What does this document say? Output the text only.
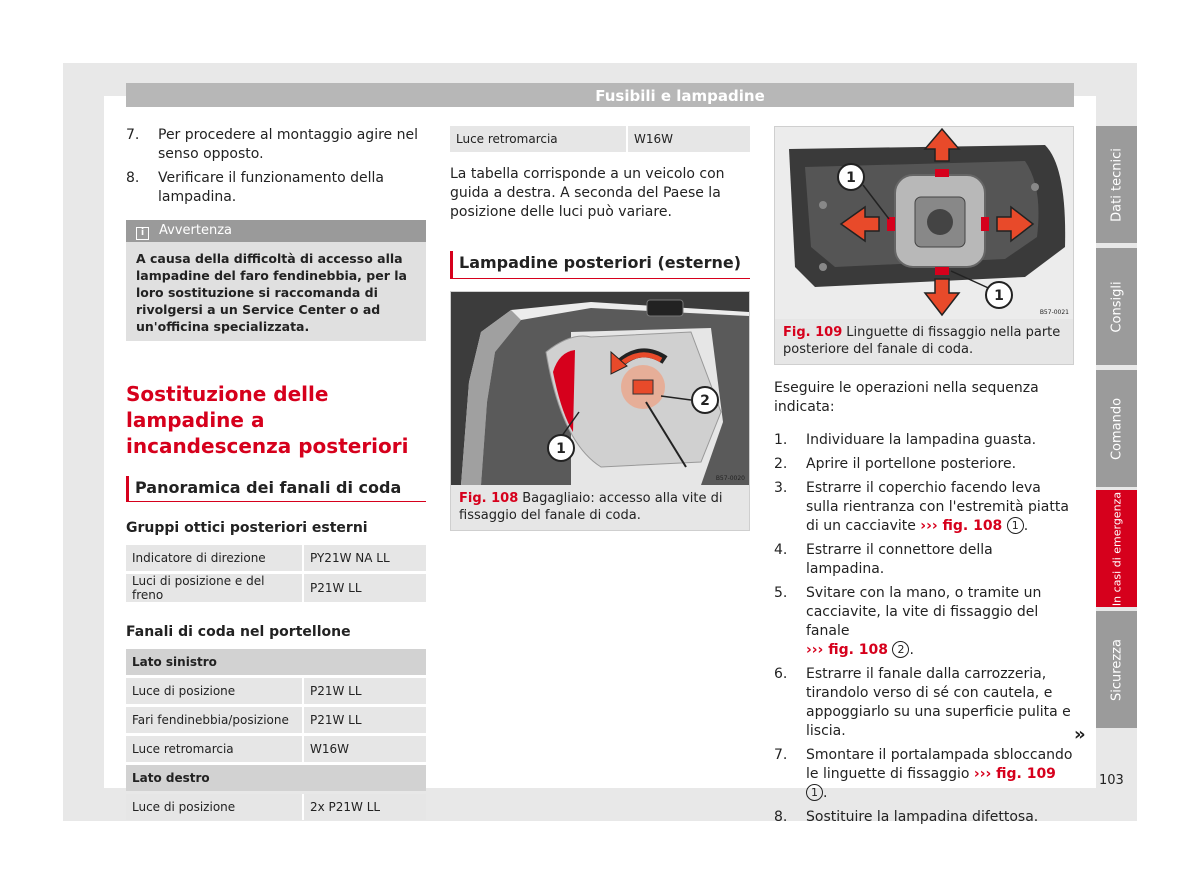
Fusibili e lampadine
7. Per procedere al montaggio agire nel senso opposto.
8. Verificare il funzionamento della lampadina.
i Avvertenza
A causa della difficoltà di accesso alla lampadine del faro fendinebbia, per la loro sostituzione si raccomanda di rivolgersi a un Service Center o ad un'officina specializzata.
Sostituzione delle lampadine a incandescenza posteriori
Panoramica dei fanali di coda
Gruppi ottici posteriori esterni
Indicatore di direzione	PY21W NA LL
Luci di posizione e del freno	P21W LL
Fanali di coda nel portellone
Lato sinistro	
Luce di posizione	P21W LL
Fari fendinebbia/posizione	P21W LL
Luce retromarcia	W16W
Lato destro	
Luce di posizione	2x P21W LL
Luce retromarcia	W16W
La tabella corrisponde a un veicolo con guida a destra. A seconda del Paese la posizione delle luci può variare.
Lampadine posteriori (esterne)
1
2
B57-0020
Fig. 108 Bagagliaio: accesso alla vite di fissaggio del fanale di coda.
1
1
B57-0021
Fig. 109 Linguette di fissaggio nella parte posteriore del fanale di coda.
Eseguire le operazioni nella sequenza indicata:
1. Individuare la lampadina guasta.
2. Aprire il portellone posteriore.
3. Estrarre il coperchio facendo leva sulla rientranza con l'estremità piatta di un cacciavite ››› fig. 108 1 .
4. Estrarre il connettore della lampadina.
5. Svitare con la mano, o tramite un cacciavite, la vite di fissaggio del fanale
››› fig. 108 2 .
6. Estrarre il fanale dalla carrozzeria, tirandolo verso di sé con cautela, e appoggiarlo su una superficie pulita e liscia.
7. Smontare il portalampada sbloccando le linguette di fissaggio ››› fig. 109 1 .
8. Sostituire la lampadina difettosa.
»
Dati tecnici
Consigli
Comando
In casi di emergenza
Sicurezza
103
